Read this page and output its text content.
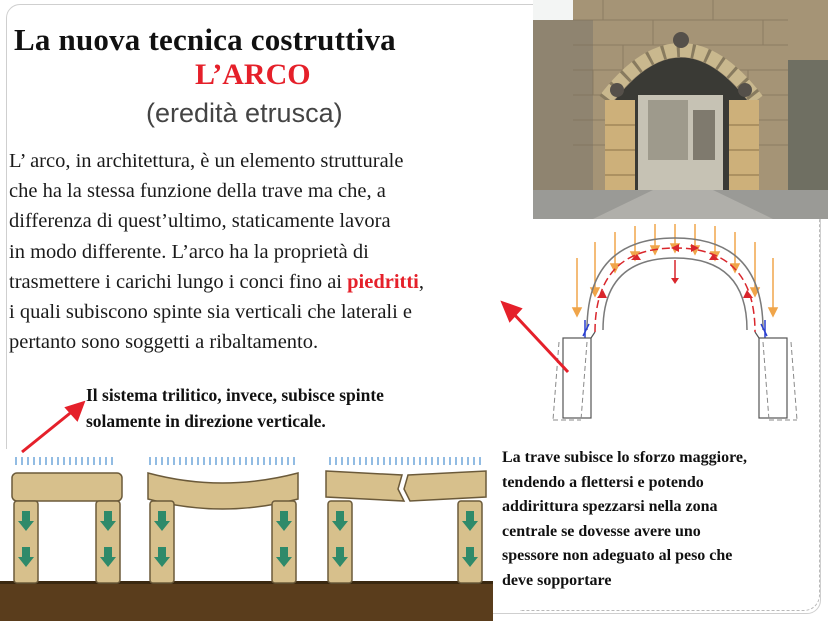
La nuova tecnica costruttiva
L’ARCO
(eredità etrusca)
L’ arco, in architettura, è un elemento strutturale
che ha la stessa funzione della trave ma che, a
differenza di quest’ultimo, staticamente lavora
in modo differente. L’arco ha la proprietà di
trasmettere i carichi lungo i conci fino ai piedritti,
i quali subiscono spinte sia verticali che laterali e
pertanto sono soggetti a ribaltamento.
Il sistema trilitico, invece, subisce spinte
solamente in direzione verticale.
La trave subisce lo sforzo maggiore,
tendendo a flettersi e potendo
addirittura spezzarsi nella zona
centrale se dovesse avere uno
spessore non adeguato al peso che
deve sopportare
